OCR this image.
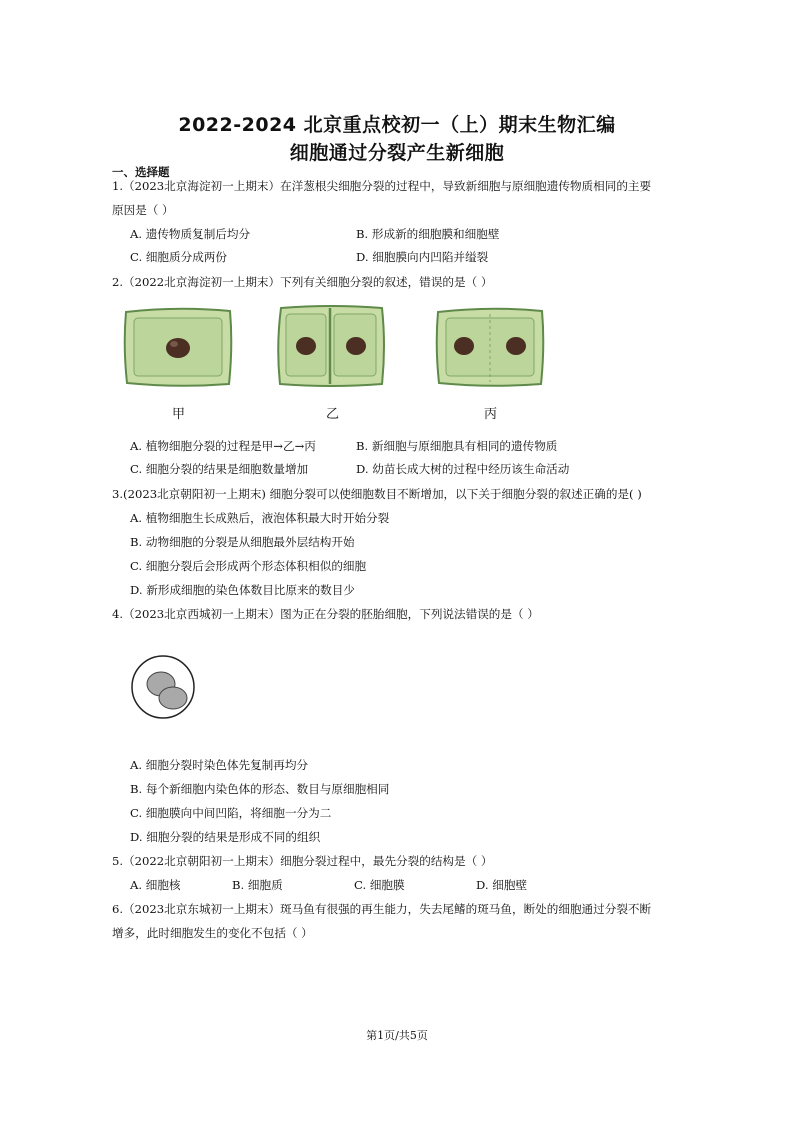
2022-2024 北京重点校初一（上）期末生物汇编
细胞通过分裂产生新细胞
一、选择题
1.（2023北京海淀初一上期末）在洋葱根尖细胞分裂的过程中，导致新细胞与原细胞遗传物质相同的主要
原因是（ ）
A. 遗传物质复制后均分	B. 形成新的细胞膜和细胞壁
C. 细胞质分成两份	D. 细胞膜向内凹陷并缢裂
2.（2022北京海淀初一上期末）下列有关细胞分裂的叙述，错误的是（ ）
甲	乙	丙
A. 植物细胞分裂的过程是甲→乙→丙	B. 新细胞与原细胞具有相同的遗传物质
C. 细胞分裂的结果是细胞数量增加	D. 幼苗长成大树的过程中经历该生命活动
3.(2023北京朝阳初一上期末) 细胞分裂可以使细胞数目不断增加，以下关于细胞分裂的叙述正确的是( )
A. 植物细胞生长成熟后，液泡体积最大时开始分裂
B. 动物细胞的分裂是从细胞最外层结构开始
C. 细胞分裂后会形成两个形态体积相似的细胞
D. 新形成细胞的染色体数目比原来的数目少
4.（2023北京西城初一上期末）图为正在分裂的胚胎细胞，下列说法错误的是（ ）
A. 细胞分裂时染色体先复制再均分
B. 每个新细胞内染色体的形态、数目与原细胞相同
C. 细胞膜向中间凹陷，将细胞一分为二
D. 细胞分裂的结果是形成不同的组织
5.（2022北京朝阳初一上期末）细胞分裂过程中，最先分裂的结构是（ ）
A. 细胞核	B. 细胞质	C. 细胞膜	D. 细胞壁
6.（2023北京东城初一上期末）斑马鱼有很强的再生能力，失去尾鳍的斑马鱼，断处的细胞通过分裂不断
增多，此时细胞发生的变化不包括（ ）
第1页/共5页
